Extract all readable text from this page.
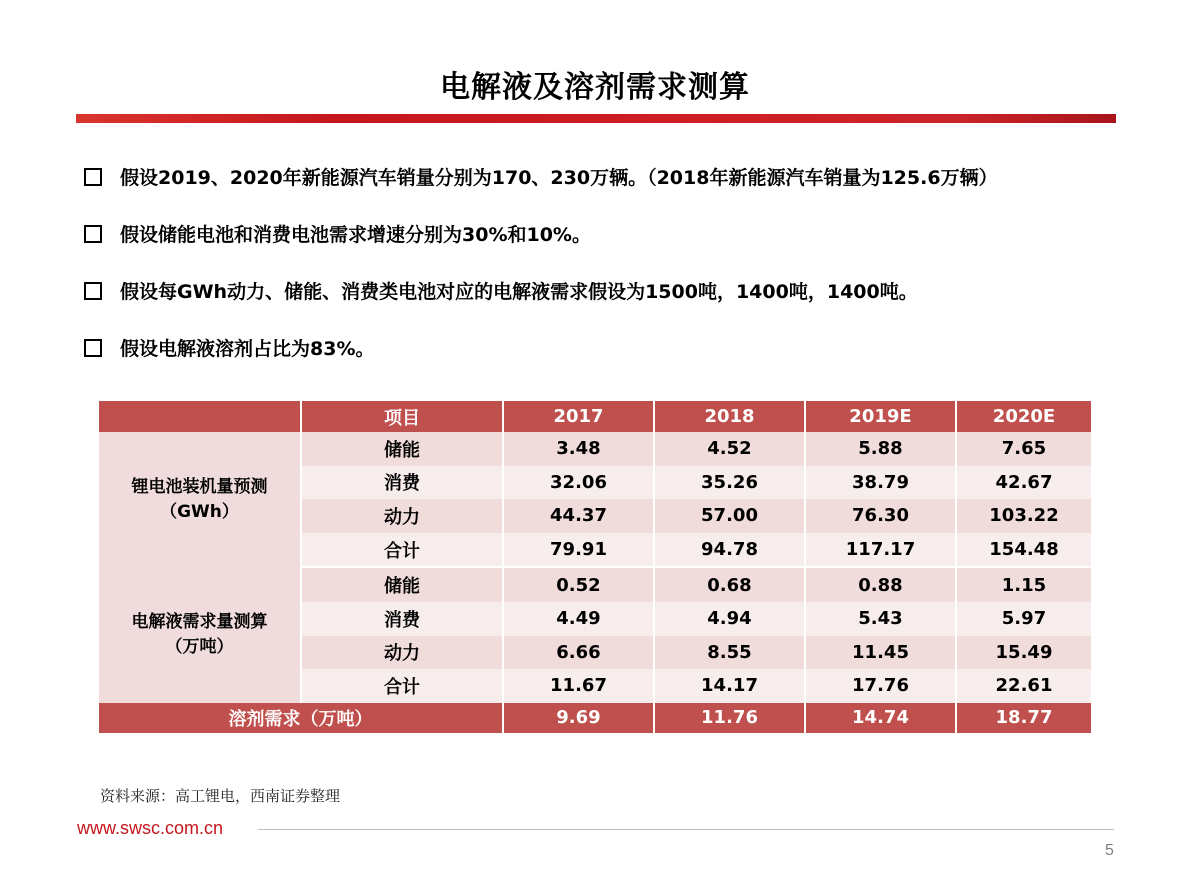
电解液及溶剂需求测算
假设2019、2020年新能源汽车销量分别为170、230万辆。（2018年新能源汽车销量为125.6万辆）
假设储能电池和消费电池需求增速分别为30%和10%。
假设每GWh动力、储能、消费类电池对应的电解液需求假设为1500吨，1400吨，1400吨。
假设电解液溶剂占比为83%。
	项目	2017	2018	2019E	2020E

锂电池装机量预测
（GWh）	储能	3.48	4.52	5.88	7.65
	消费	32.06	35.26	38.79	42.67
	动力	44.37	57.00	76.30	103.22
	合计	79.91	94.78	117.17	154.48

电解液需求量测算
（万吨）	储能	0.52	0.68	0.88	1.15
	消费	4.49	4.94	5.43	5.97
	动力	6.66	8.55	11.45	15.49
	合计	11.67	14.17	17.76	22.61
溶剂需求（万吨）		9.69	11.76	14.74	18.77
资料来源：高工锂电，西南证券整理
www.swsc.com.cn
5
